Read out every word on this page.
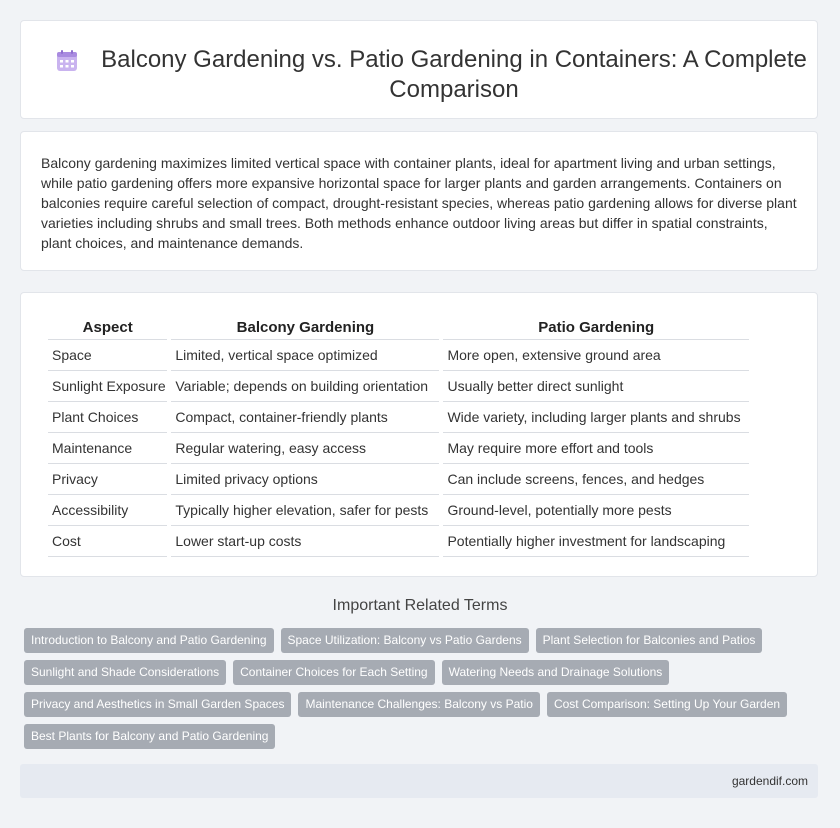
Balcony Gardening vs. Patio Gardening in Containers: A Complete Comparison

Balcony gardening maximizes limited vertical space with container plants, ideal for apartment living and urban settings, while patio gardening offers more expansive horizontal space for larger plants and garden arrangements. Containers on balconies require careful selection of compact, drought-resistant species, whereas patio gardening allows for diverse plant varieties including shrubs and small trees. Both methods enhance outdoor living areas but differ in spatial constraints, plant choices, and maintenance demands.

Aspect	Balcony Gardening	Patio Gardening
Space	Limited, vertical space optimized	More open, extensive ground area
Sunlight Exposure	Variable; depends on building orientation	Usually better direct sunlight
Plant Choices	Compact, container-friendly plants	Wide variety, including larger plants and shrubs
Maintenance	Regular watering, easy access	May require more effort and tools
Privacy	Limited privacy options	Can include screens, fences, and hedges
Accessibility	Typically higher elevation, safer for pests	Ground-level, potentially more pests
Cost	Lower start-up costs	Potentially higher investment for landscaping
Important Related Terms
Introduction to Balcony and Patio Gardening	Space Utilization: Balcony vs Patio Gardens	Plant Selection for Balconies and Patios
Sunlight and Shade Considerations	Container Choices for Each Setting	Watering Needs and Drainage Solutions
Privacy and Aesthetics in Small Garden Spaces	Maintenance Challenges: Balcony vs Patio	Cost Comparison: Setting Up Your Garden
Best Plants for Balcony and Patio Gardening
gardendif.com
